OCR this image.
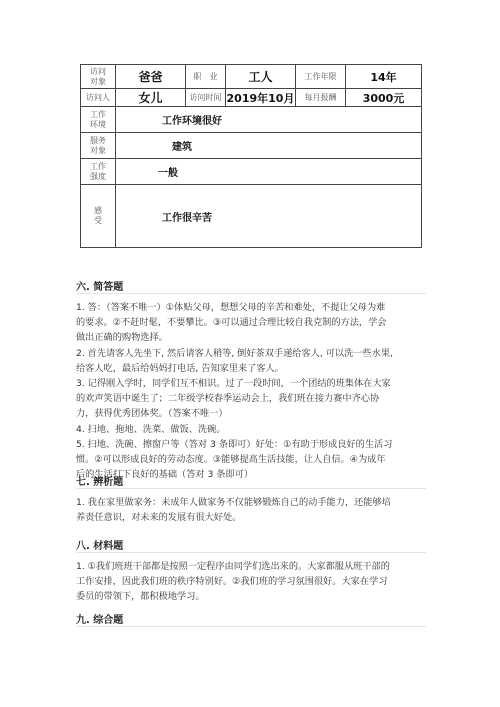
访问
对象	爸爸	职　业	工人	工作年限	14年
访问人	女儿	访问时间	2019年10月	每月报酬	3000元
工作
环境	工作环境很好				
服务
对象	建筑				
工作
强度	一般				
感
受	工作很辛苦				
六. 简答题

1. 答：（答案不唯一）①体贴父母，想想父母的辛苦和难处，不提让父母为难

的要求。②不赶时髦，不要攀比。③可以通过合理比较自我克制的方法，学会

做出正确的购物选择。

2. 首先请客人先坐下, 然后请客人稍等, 倒好茶双手递给客人, 可以洗一些水果,

给客人吃，最后给妈妈打电话, 告知家里来了客人。

3. 记得刚入学时，同学们互不相识。过了一段时间，一个团结的班集体在大家

的欢声笑语中诞生了；二年级学校春季运动会上，我们班在接力赛中齐心协

力，获得优秀团体奖。（答案不唯一）

4. 扫地、拖地、洗菜、做饭、洗碗。

5. 扫地、洗碗、擦窗户等（答对 3 条即可）好处：①有助于形成良好的生活习

惯。②可以形成良好的劳动态度。③能够提高生活技能，让人自信。④为成年

后的生活打下良好的基础（答对 3 条即可）

七. 辨析题

1. 我在家里做家务：未成年人做家务不仅能够锻炼自己的动手能力，还能够培

养责任意识，对未来的发展有很大好处。

八. 材料题

1. ①我们班班干部都是按照一定程序由同学们选出来的。大家都服从班干部的

工作安排，因此我们班的秩序特别好。②我们班的学习氛围很好。大家在学习

委员的带领下，都积极地学习。

九. 综合题
